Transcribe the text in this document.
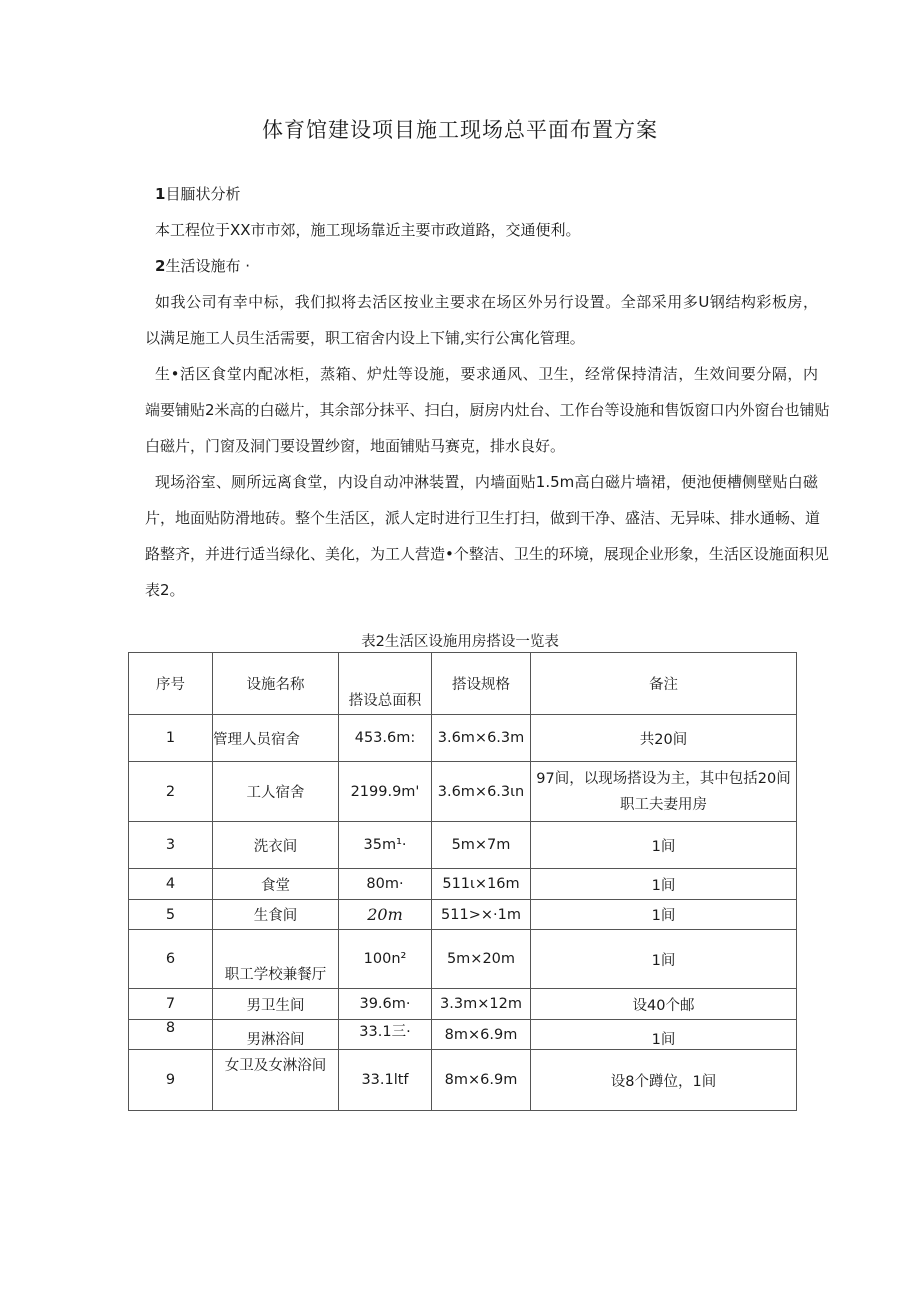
体育馆建设项目施工现场总平面布置方案
1目腼状分析
本工程位于XX市市郊，施工现场靠近主要市政道路，交通便利。
2生活设施布 ·
如我公司有幸中标，我们拟将去活区按业主要求在场区外另行设置。全部采用多U钢结构彩板房，
以满足施工人员生活需要，职工宿舍内设上下铺,实行公寓化管理。
生•活区食堂内配冰柜，蒸箱、炉灶等设施，要求通风、卫生，经常保持清洁，生效间要分隔，内
端要铺贴2米高的白磁片，其余部分抹平、扫白，厨房内灶台、工作台等设施和售饭窗口内外窗台也铺贴
白磁片，门窗及洞门要设置纱窗，地面铺贴马赛克，排水良好。
现场浴室、厕所远离食堂，内设自动冲淋装置，内墙面贴1.5m高白磁片墙裙，便池便槽侧壁贴白磁
片，地面贴防滑地砖。整个生活区，派人定时进行卫生打扫，做到干净、盛洁、无异味、排水通畅、道
路整齐，并进行适当绿化、美化，为工人营造•个整洁、卫生的环境，展现企业形象，生活区设施面积见
表2。
表2生活区设施用房搭设一览表
序号	设施名称	搭设总面积	搭设规格	备注
1	管理人员宿舍	453.6m:	3.6m×6.3m	共20间
2	工人宿舍	2199.9m'	3.6m×6.3ιn	97间，以现场搭设为主，其中包括20间职工夫妻用房
3	洗衣间	35m¹·	5m×7m	1间
4	食堂	80m·	511ι×16m	1间
5	生食间	20m	511>×·1m	1间
6	职工学校兼餐厅	100n²	5m×20m	1间
7	男卫生间	39.6m·	3.3m×12m	设40个邮
8	男淋浴间	33.1三·	8m×6.9m	1间
9	女卫及女淋浴间	33.1ltf	8m×6.9m	设8个蹲位，1间
